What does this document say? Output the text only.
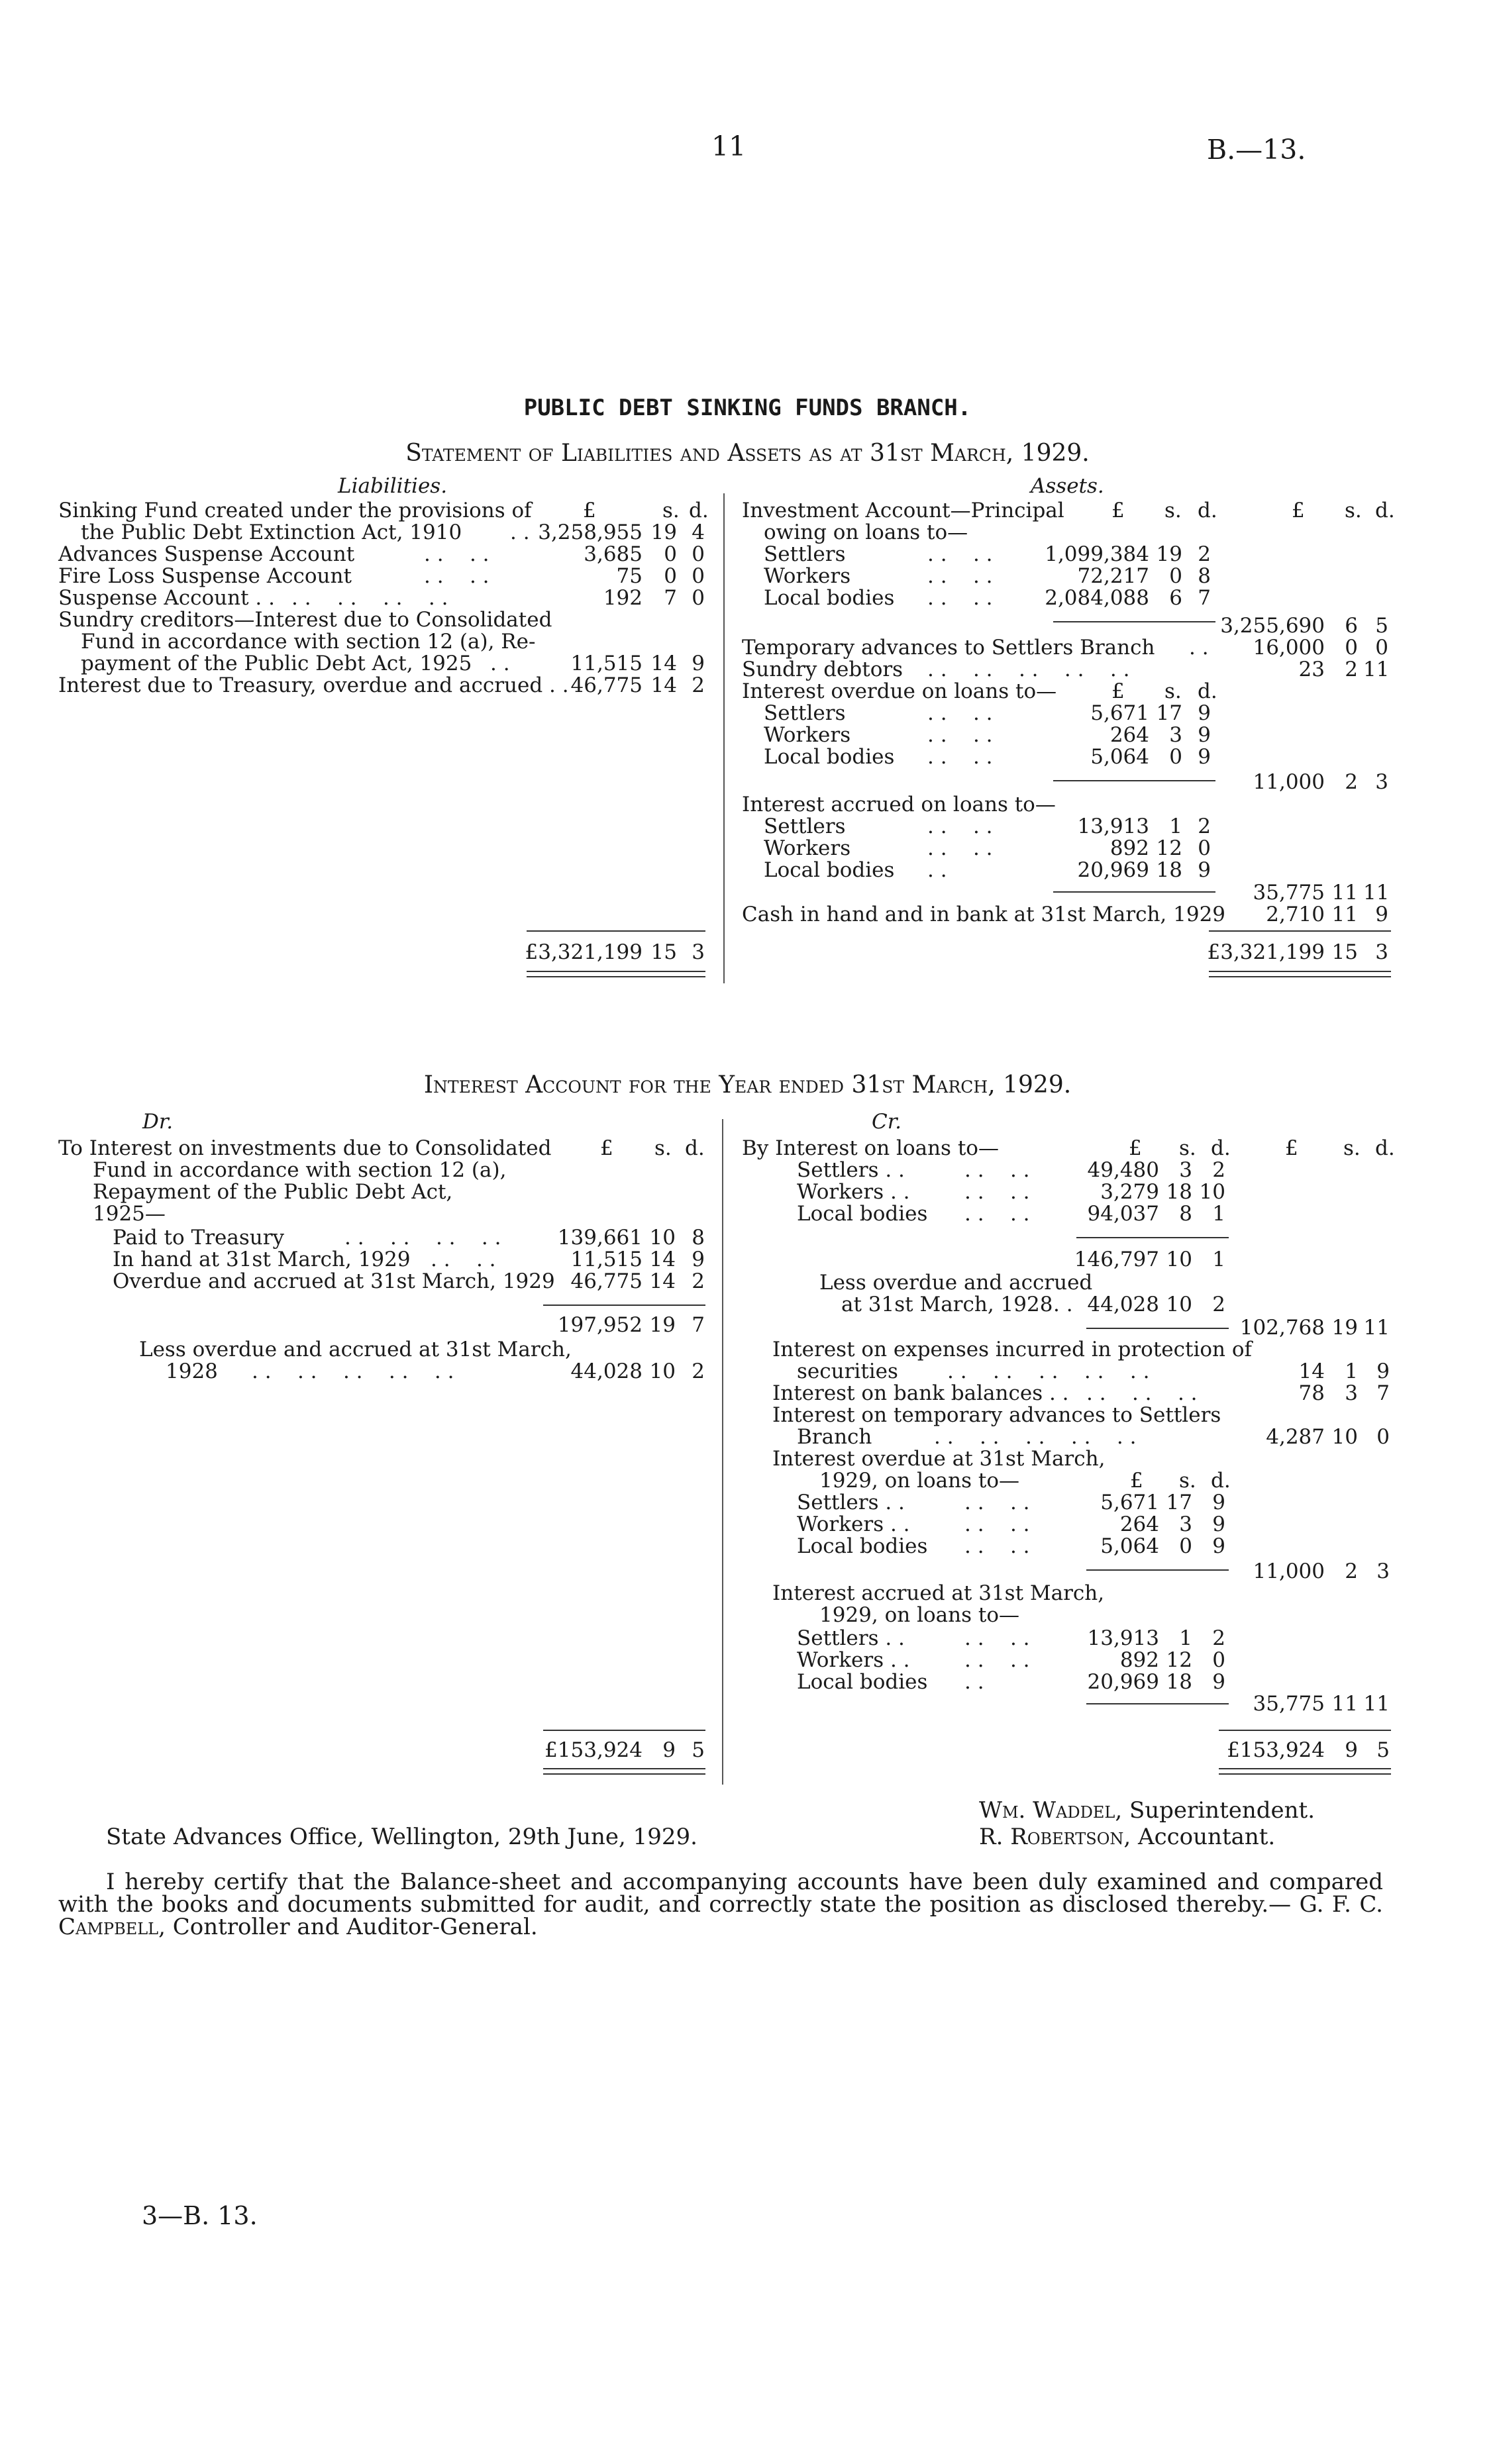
11	B.—13.
PUBLIC DEBT SINKING FUNDS BRANCH.
Statement of Liabilities and Assets as at 31st March, 1929.
Liabilities.
£	s. d.
Sinking Fund created under the provisions of
the Public Debt Extinction Act, 1910 . . 3,258,955 19 4
Advances Suspense Account	. .    . .	3,685	0 0
Fire Loss Suspense Account	. .    . .	75	0 0
Suspense Account . . . .    . .    . .    . .	192	7 0
Sundry creditors—Interest due to Consolidated
Fund in accordance with section 12 (a), Re-
payment of the Public Debt Act, 1925 . .	11,515 14 9
Interest due to Treasury, overdue and accrued . . 46,775 14 2
£3,321,199 15 3
Assets.
£ s. d.	£ s. d.
Investment Account—Principal
owing on loans to—
Settlers	. .    . .	1,099,384 19 2
Workers	. .    . .	72,217 0 8
Local bodies . .    . .	2,084,088 6 7
3,255,690 6 5
Temporary advances to Settlers Branch . .	16,000 0 0
Sundry debtors . .    . .    . .    . .    . .	23 2 11
Interest overdue on loans to—	£ s. d.
Settlers	. .    . .	5,671 17 9
Workers	. .    . .	264 3 9
Local bodies . .    . .	5,064 0 9
11,000 2 3
Interest accrued on loans to—
Settlers	. .    . .	13,913 1 2
Workers	. .    . .	892 12 0
Local bodies . .	20,969 18 9
35,775 11 11
Cash in hand and in bank at 31st March, 1929	2,710 11 9
£3,321,199 15 3
Interest Account for the Year ended 31st March, 1929.
Dr.
£ s. d.
To Interest on investments due to Consolidated
Fund in accordance with section 12 (a),
Repayment of the Public Debt Act,
1925—
Paid to Treasury	. .    . .    . .    . .	139,661 10 8
In hand at 31st March, 1929 . .    . .	11,515 14 9
Overdue and accrued at 31st March, 1929 46,775 14 2
197,952 19 7
Less overdue and accrued at 31st March,
1928 . .    . .    . .    . .    . .	44,028 10 2
£153,924 9 5
Cr.
£ s. d.	£ s. d.
By Interest on loans to—
Settlers . .	. .    . .	49,480 3 2
Workers . .	. .    . .	3,279 18 10
Local bodies . .    . .	94,037 8 1
146,797 10 1
Less overdue and accrued
at 31st March, 1928 . . 44,028 10 2
102,768 19 11
Interest on expenses incurred in protection of
securities . .    . .    . .    . .    . .	14 1 9
Interest on bank balances . . . .    . .    . .	78 3 7
Interest on temporary advances to Settlers
Branch	. .    . .    . .    . .    . .	4,287 10 0
Interest overdue at 31st March,
1929, on loans to—	£ s. d.
Settlers . .	. .    . .	5,671 17 9
Workers . .	. .    . .	264 3 9
Local bodies . .    . .	5,064 0 9
11,000 2 3
Interest accrued at 31st March,
1929, on loans to—
Settlers . .	. .    . .	13,913 1 2
Workers . .	. .    . .	892 12 0
Local bodies . .	20,969 18 9
35,775 11 11
£153,924 9 5
State Advances Office, Wellington, 29th June, 1929.
Wm. Waddel, Superintendent.
R. Robertson, Accountant.
I hereby certify that the Balance-sheet and accompanying accounts have been duly examined and compared with the books and documents submitted for audit, and correctly state the position as disclosed thereby.— G. F. C. Campbell, Controller and Auditor-General.
3—B. 13.
